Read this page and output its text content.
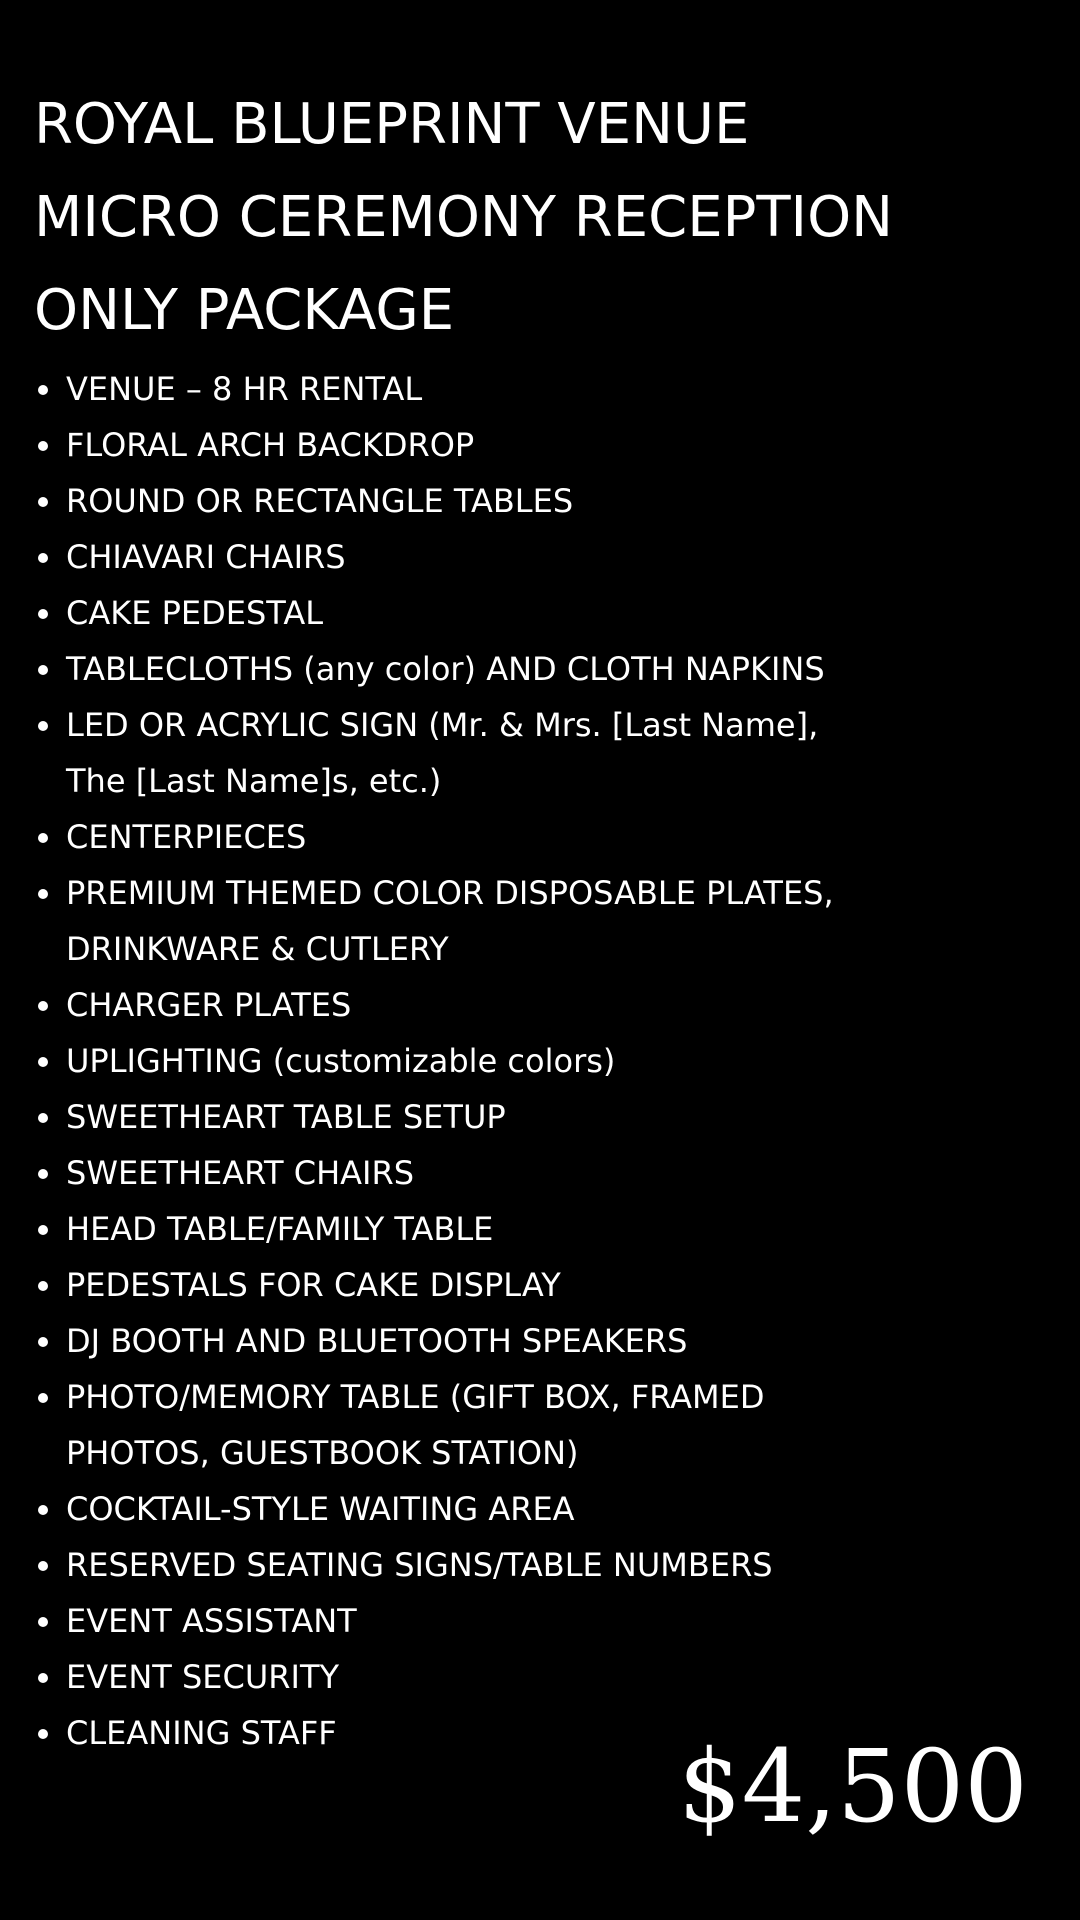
ROYAL BLUEPRINT VENUE
MICRO CEREMONY RECEPTION
ONLY PACKAGE
VENUE – 8 HR RENTAL
FLORAL ARCH BACKDROP
ROUND OR RECTANGLE TABLES
CHIAVARI CHAIRS
CAKE PEDESTAL
TABLECLOTHS (any color) AND CLOTH NAPKINS
LED OR ACRYLIC SIGN (Mr. & Mrs. [Last Name],
The [Last Name]s, etc.)
CENTERPIECES
PREMIUM THEMED COLOR DISPOSABLE PLATES,
DRINKWARE & CUTLERY
CHARGER PLATES
UPLIGHTING (customizable colors)
SWEETHEART TABLE SETUP
SWEETHEART CHAIRS
HEAD TABLE/FAMILY TABLE
PEDESTALS FOR CAKE DISPLAY
DJ BOOTH AND BLUETOOTH SPEAKERS
PHOTO/MEMORY TABLE (GIFT BOX, FRAMED
PHOTOS, GUESTBOOK STATION)
COCKTAIL-STYLE WAITING AREA
RESERVED SEATING SIGNS/TABLE NUMBERS
EVENT ASSISTANT
EVENT SECURITY
CLEANING STAFF	$4,500
